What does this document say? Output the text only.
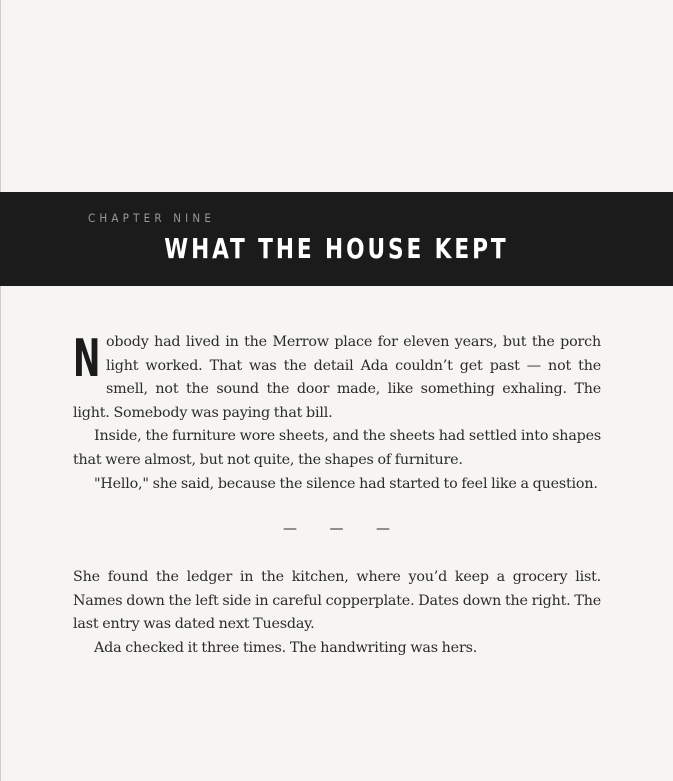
CHAPTER NINE
WHAT THE HOUSE KEPT

Nobody had lived in the Merrow place for eleven years, but the porch light worked. That was the detail Ada couldn’t get past — not the smell, not the sound the door made, like something exhaling. The light. Somebody was paying that bill.

Inside, the furniture wore sheets, and the sheets had settled into shapes that were almost, but not quite, the shapes of furniture.

"Hello," she said, because the silence had started to feel like a question.

— — —

She found the ledger in the kitchen, where you’d keep a grocery list. Names down the left side in careful copperplate. Dates down the right. The last entry was dated next Tuesday.

Ada checked it three times. The handwriting was hers.
